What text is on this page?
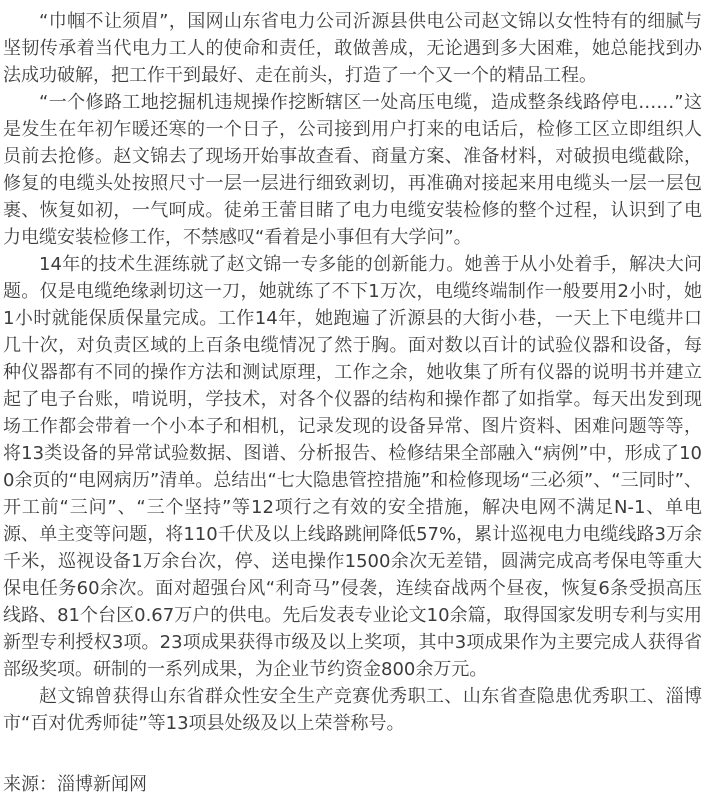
“巾帼不让须眉”，国网山东省电力公司沂源县供电公司赵文锦以女性特有的细腻与坚韧传承着当代电力工人的使命和责任，敢做善成，无论遇到多大困难，她总能找到办法成功破解，把工作干到最好、走在前头，打造了一个又一个的精品工程。

“一个修路工地挖掘机违规操作挖断辖区一处高压电缆，造成整条线路停电……”这是发生在年初乍暖还寒的一个日子，公司接到用户打来的电话后，检修工区立即组织人员前去抢修。赵文锦去了现场开始事故查看、商量方案、准备材料，对破损电缆截除，修复的电缆头处按照尺寸一层一层进行细致剥切，再准确对接起来用电缆头一层一层包裹、恢复如初，一气呵成。徒弟王蕾目睹了电力电缆安装检修的整个过程，认识到了电力电缆安装检修工作，不禁感叹“看着是小事但有大学问”。

14年的技术生涯练就了赵文锦一专多能的创新能力。她善于从小处着手，解决大问题。仅是电缆绝缘剥切这一刀，她就练了不下1万次，电缆终端制作一般要用2小时，她1小时就能保质保量完成。工作14年，她跑遍了沂源县的大街小巷，一天上下电缆井口几十次，对负责区域的上百条电缆情况了然于胸。面对数以百计的试验仪器和设备，每种仪器都有不同的操作方法和测试原理，工作之余，她收集了所有仪器的说明书并建立起了电子台账，啃说明，学技术，对各个仪器的结构和操作都了如指掌。每天出发到现场工作都会带着一个小本子和相机，记录发现的设备异常、图片资料、困难问题等等，将13类设备的异常试验数据、图谱、分析报告、检修结果全部融入“病例”中，形成了100余页的“电网病历”清单。总结出“七大隐患管控措施”和检修现场“三必须”、“三同时”、开工前“三问”、“三个坚持”等12项行之有效的安全措施，解决电网不满足N-1、单电源、单主变等问题，将110千伏及以上线路跳闸降低57%，累计巡视电力电缆线路3万余千米，巡视设备1万余台次，停、送电操作1500余次无差错，圆满完成高考保电等重大保电任务60余次。面对超强台风“利奇马”侵袭，连续奋战两个昼夜，恢复6条受损高压线路、81个台区0.67万户的供电。先后发表专业论文10余篇，取得国家发明专利与实用新型专利授权3项。23项成果获得市级及以上奖项，其中3项成果作为主要完成人获得省部级奖项。研制的一系列成果，为企业节约资金800余万元。

赵文锦曾获得山东省群众性安全生产竞赛优秀职工、山东省查隐患优秀职工、淄博市“百对优秀师徒”等13项县处级及以上荣誉称号。

来源：淄博新闻网
